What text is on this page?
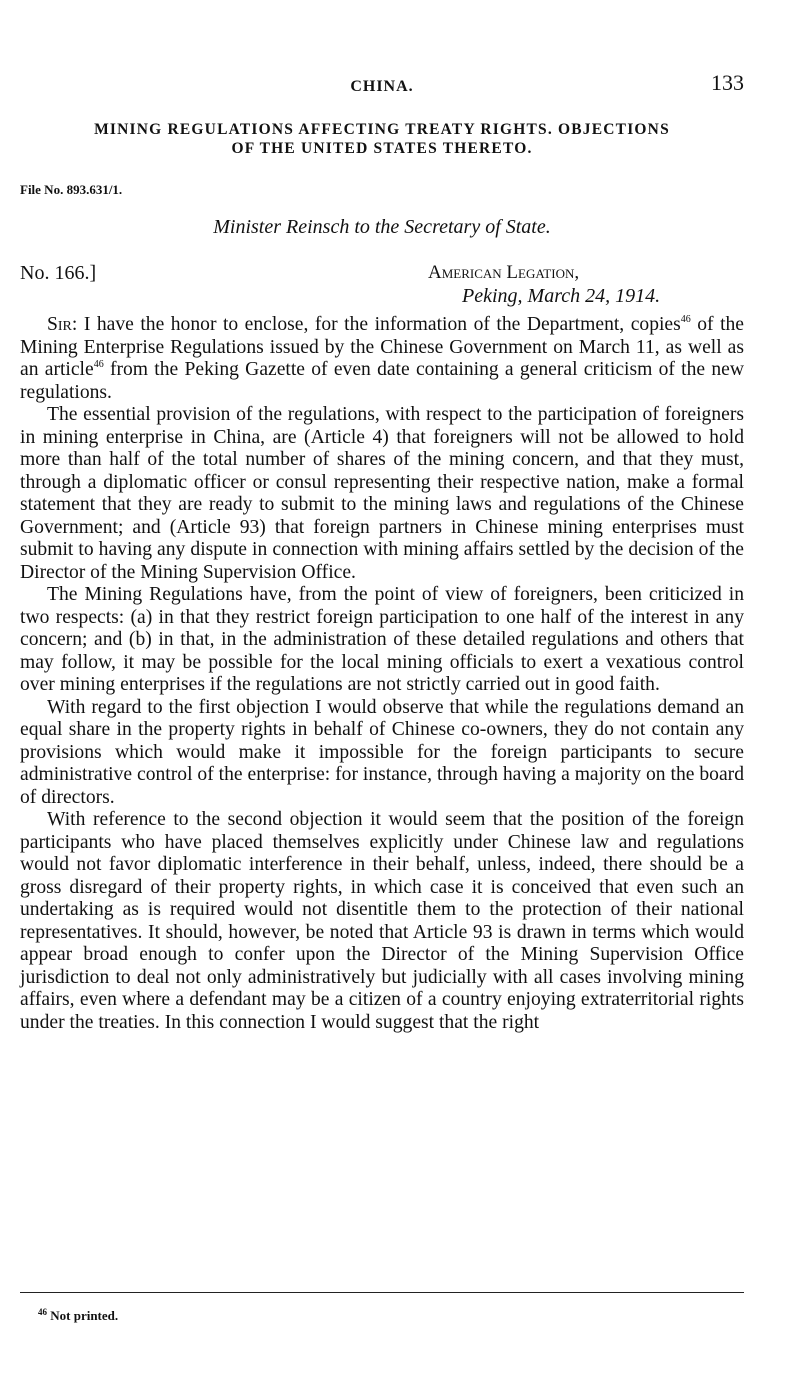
CHINA.	133
MINING REGULATIONS AFFECTING TREATY RIGHTS. OBJECTIONS
OF THE UNITED STATES THERETO.
File No. 893.631/1.
Minister Reinsch to the Secretary of State.
No. 166.]	American Legation,
Peking, March 24, 1914.

Sir: I have the honor to enclose, for the information of the Department, copies$^{46}$ of the Mining Enterprise Regulations issued by the Chinese Government on March 11, as well as an article$^{46}$ from the Peking Gazette of even date containing a general criticism of the new regulations.

The essential provision of the regulations, with respect to the participation of foreigners in mining enterprise in China, are (Article 4) that foreigners will not be allowed to hold more than half of the total number of shares of the mining concern, and that they must, through a diplomatic officer or consul representing their respective nation, make a formal statement that they are ready to submit to the mining laws and regulations of the Chinese Government; and (Article 93) that foreign partners in Chinese mining enterprises must submit to having any dispute in connection with mining affairs settled by the decision of the Director of the Mining Supervision Office.

The Mining Regulations have, from the point of view of foreigners, been criticized in two respects: (a) in that they restrict foreign participation to one half of the interest in any concern; and (b) in that, in the administration of these detailed regulations and others that may follow, it may be possible for the local mining officials to exert a vexatious control over mining enterprises if the regulations are not strictly carried out in good faith.

With regard to the first objection I would observe that while the regulations demand an equal share in the property rights in behalf of Chinese co-owners, they do not contain any provisions which would make it impossible for the foreign participants to secure administrative control of the enterprise: for instance, through having a majority on the board of directors.

With reference to the second objection it would seem that the position of the foreign participants who have placed themselves explicitly under Chinese law and regulations would not favor diplomatic interference in their behalf, unless, indeed, there should be a gross disregard of their property rights, in which case it is conceived that even such an undertaking as is required would not disentitle them to the protection of their national representatives. It should, however, be noted that Article 93 is drawn in terms which would appear broad enough to confer upon the Director of the Mining Supervision Office jurisdiction to deal not only administratively but judicially with all cases involving mining affairs, even where a defendant may be a citizen of a country enjoying extraterritorial rights under the treaties. In this connection I would suggest that the right

$^{46}$ Not printed.
